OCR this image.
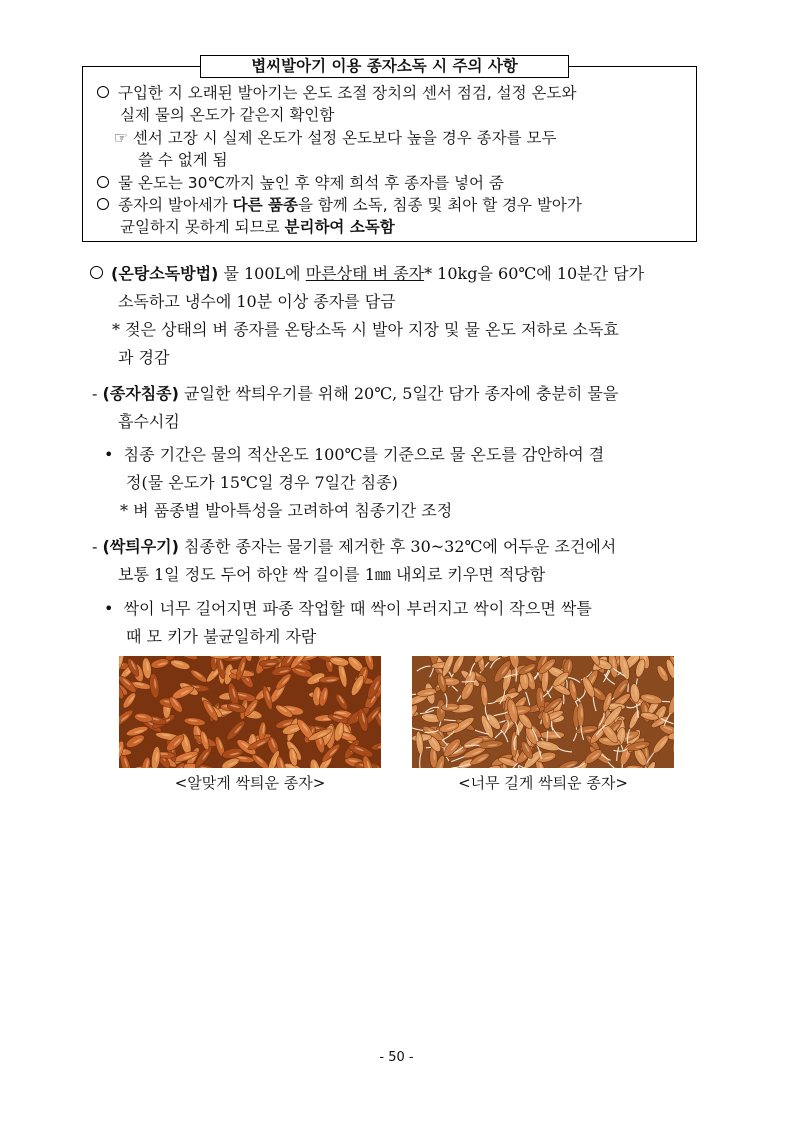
볍씨발아기 이용 종자소독 시 주의 사항
구입한 지 오래된 발아기는 온도 조절 장치의 센서 점검, 설정 온도와
실제 물의 온도가 같은지 확인함
☞ 센서 고장 시 실제 온도가 설정 온도보다 높을 경우 종자를 모두
쓸 수 없게 됨
물 온도는 30℃까지 높인 후 약제 희석 후 종자를 넣어 줌
종자의 발아세가 다른 품종을 함께 소독, 침종 및 최아 할 경우 발아가
균일하지 못하게 되므로 분리하여 소독함
(온탕소독방법) 물 100L에 마른상태 벼 종자* 10kg을 60℃에 10분간 담가
소독하고 냉수에 10분 이상 종자를 담금
* 젖은 상태의 벼 종자를 온탕소독 시 발아 지장 및 물 온도 저하로 소독효
과 경감
- (종자침종) 균일한 싹틔우기를 위해 20℃, 5일간 담가 종자에 충분히 물을
흡수시킴
• 침종 기간은 물의 적산온도 100℃를 기준으로 물 온도를 감안하여 결
정(물 온도가 15℃일 경우 7일간 침종)
* 벼 품종별 발아특성을 고려하여 침종기간 조정
- (싹틔우기) 침종한 종자는 물기를 제거한 후 30~32℃에 어두운 조건에서
보통 1일 정도 두어 하얀 싹 길이를 1㎜ 내외로 키우면 적당함
• 싹이 너무 길어지면 파종 작업할 때 싹이 부러지고 싹이 작으면 싹틀
때 모 키가 불균일하게 자람
<알맞게 싹틔운 종자>	<너무 길게 싹틔운 종자>
- 50 -
